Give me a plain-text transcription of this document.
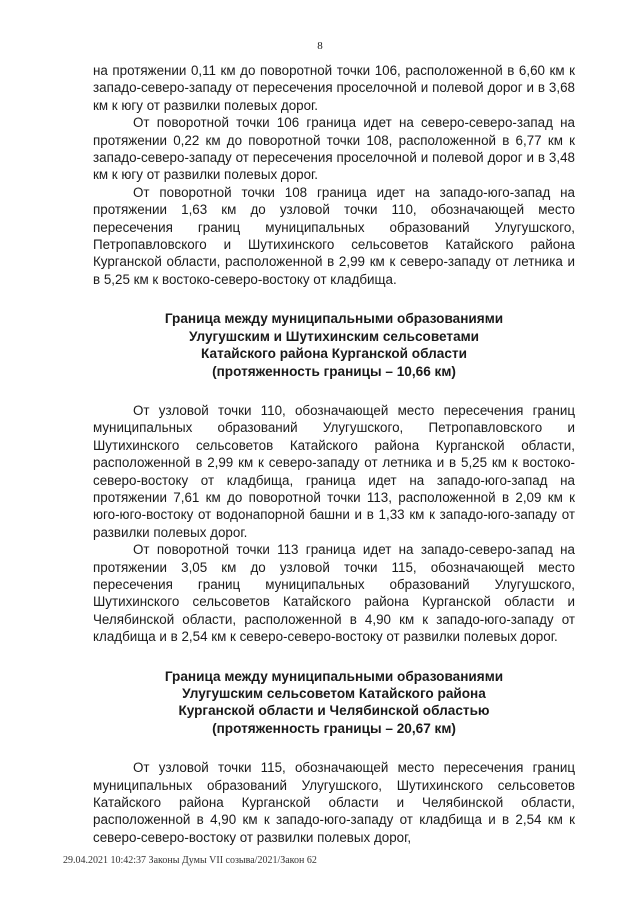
8

на протяжении 0,11 км до поворотной точки 106, расположенной в 6,60 км к западо-северо-западу от пересечения проселочной и полевой дорог и в 3,68 км к югу от развилки полевых дорог.

От поворотной точки 106 граница идет на северо-северо-запад на протяжении 0,22 км до поворотной точки 108, расположенной в 6,77 км к западо-северо-западу от пересечения проселочной и полевой дорог и в 3,48 км к югу от развилки полевых дорог.

От поворотной точки 108 граница идет на западо-юго-запад на протяжении 1,63 км до узловой точки 110, обозначающей место пересечения границ муниципальных образований Улугушского, Петропавловского и Шутихинского сельсоветов Катайского района Курганской области, расположенной в 2,99 км к северо-западу от летника и в 5,25 км к востоко-северо-востоку от кладбища.

Граница между муниципальными образованиями
Улугушским и Шутихинским сельсоветами
Катайского района Курганской области
(протяженность границы – 10,66 км)

От узловой точки 110, обозначающей место пересечения границ муниципальных образований Улугушского, Петропавловского и Шутихинского сельсоветов Катайского района Курганской области, расположенной в 2,99 км к северо-западу от летника и в 5,25 км к востоко-северо-востоку от кладбища, граница идет на западо-юго-запад на протяжении 7,61 км до поворотной точки 113, расположенной в 2,09 км к юго-юго-востоку от водонапорной башни и в 1,33 км к западо-юго-западу от развилки полевых дорог.

От поворотной точки 113 граница идет на западо-северо-запад на протяжении 3,05 км до узловой точки 115, обозначающей место пересечения границ муниципальных образований Улугушского, Шутихинского сельсоветов Катайского района Курганской области и Челябинской области, расположенной в 4,90 км к западо-юго-западу от кладбища и в 2,54 км к северо-северо-востоку от развилки полевых дорог.

Граница между муниципальными образованиями
Улугушским сельсоветом Катайского района
Курганской области и Челябинской областью
(протяженность границы – 20,67 км)

От узловой точки 115, обозначающей место пересечения границ муниципальных образований Улугушского, Шутихинского сельсоветов Катайского района Курганской области и Челябинской области, расположенной в 4,90 км к западо-юго-западу от кладбища и в 2,54 км к северо-северо-востоку от развилки полевых дорог,

29.04.2021 10:42:37 Законы Думы VII созыва/2021/Закон 62
